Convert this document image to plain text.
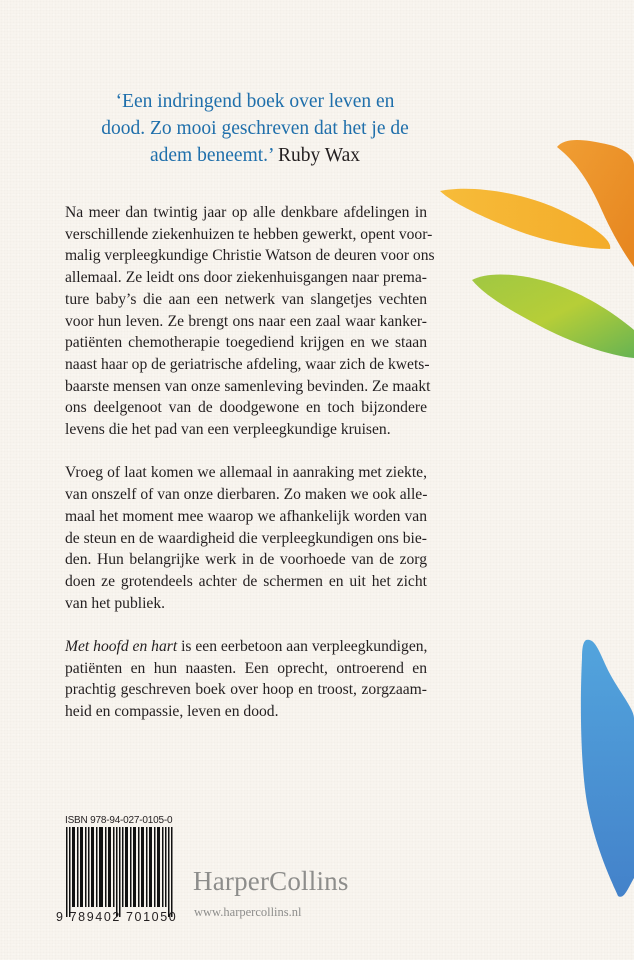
‘Een indringend boek over leven en
dood. Zo mooi geschreven dat het je de
adem beneemt.’ Ruby Wax

Na meer dan twintig jaar op alle denkbare afdelingen in
verschillende ziekenhuizen te hebben gewerkt, opent voor-
malig verpleegkundige Christie Watson de deuren voor ons
allemaal. Ze leidt ons door ziekenhuisgangen naar prema-
ture baby’s die aan een netwerk van slangetjes vechten
voor hun leven. Ze brengt ons naar een zaal waar kanker-
patiënten chemotherapie toegediend krijgen en we staan
naast haar op de geriatrische afdeling, waar zich de kwets-
baarste mensen van onze samenleving bevinden. Ze maakt
ons deelgenoot van de doodgewone en toch bijzondere
levens die het pad van een verpleegkundige kruisen.

Vroeg of laat komen we allemaal in aanraking met ziekte,
van onszelf of van onze dierbaren. Zo maken we ook alle-
maal het moment mee waarop we afhankelijk worden van
de steun en de waardigheid die verpleegkundigen ons bie-
den. Hun belangrijke werk in de voorhoede van de zorg
doen ze grotendeels achter de schermen en uit het zicht
van het publiek.

Met hoofd en hart is een eerbetoon aan verpleegkundigen,
patiënten en hun naasten. Een oprecht, ontroerend en
prachtig geschreven boek over hoop en troost, zorgzaam-
heid en compassie, leven en dood.

ISBN 978-94-027-0105-0
9 789402 701050
HarperCollins
www.harpercollins.nl
